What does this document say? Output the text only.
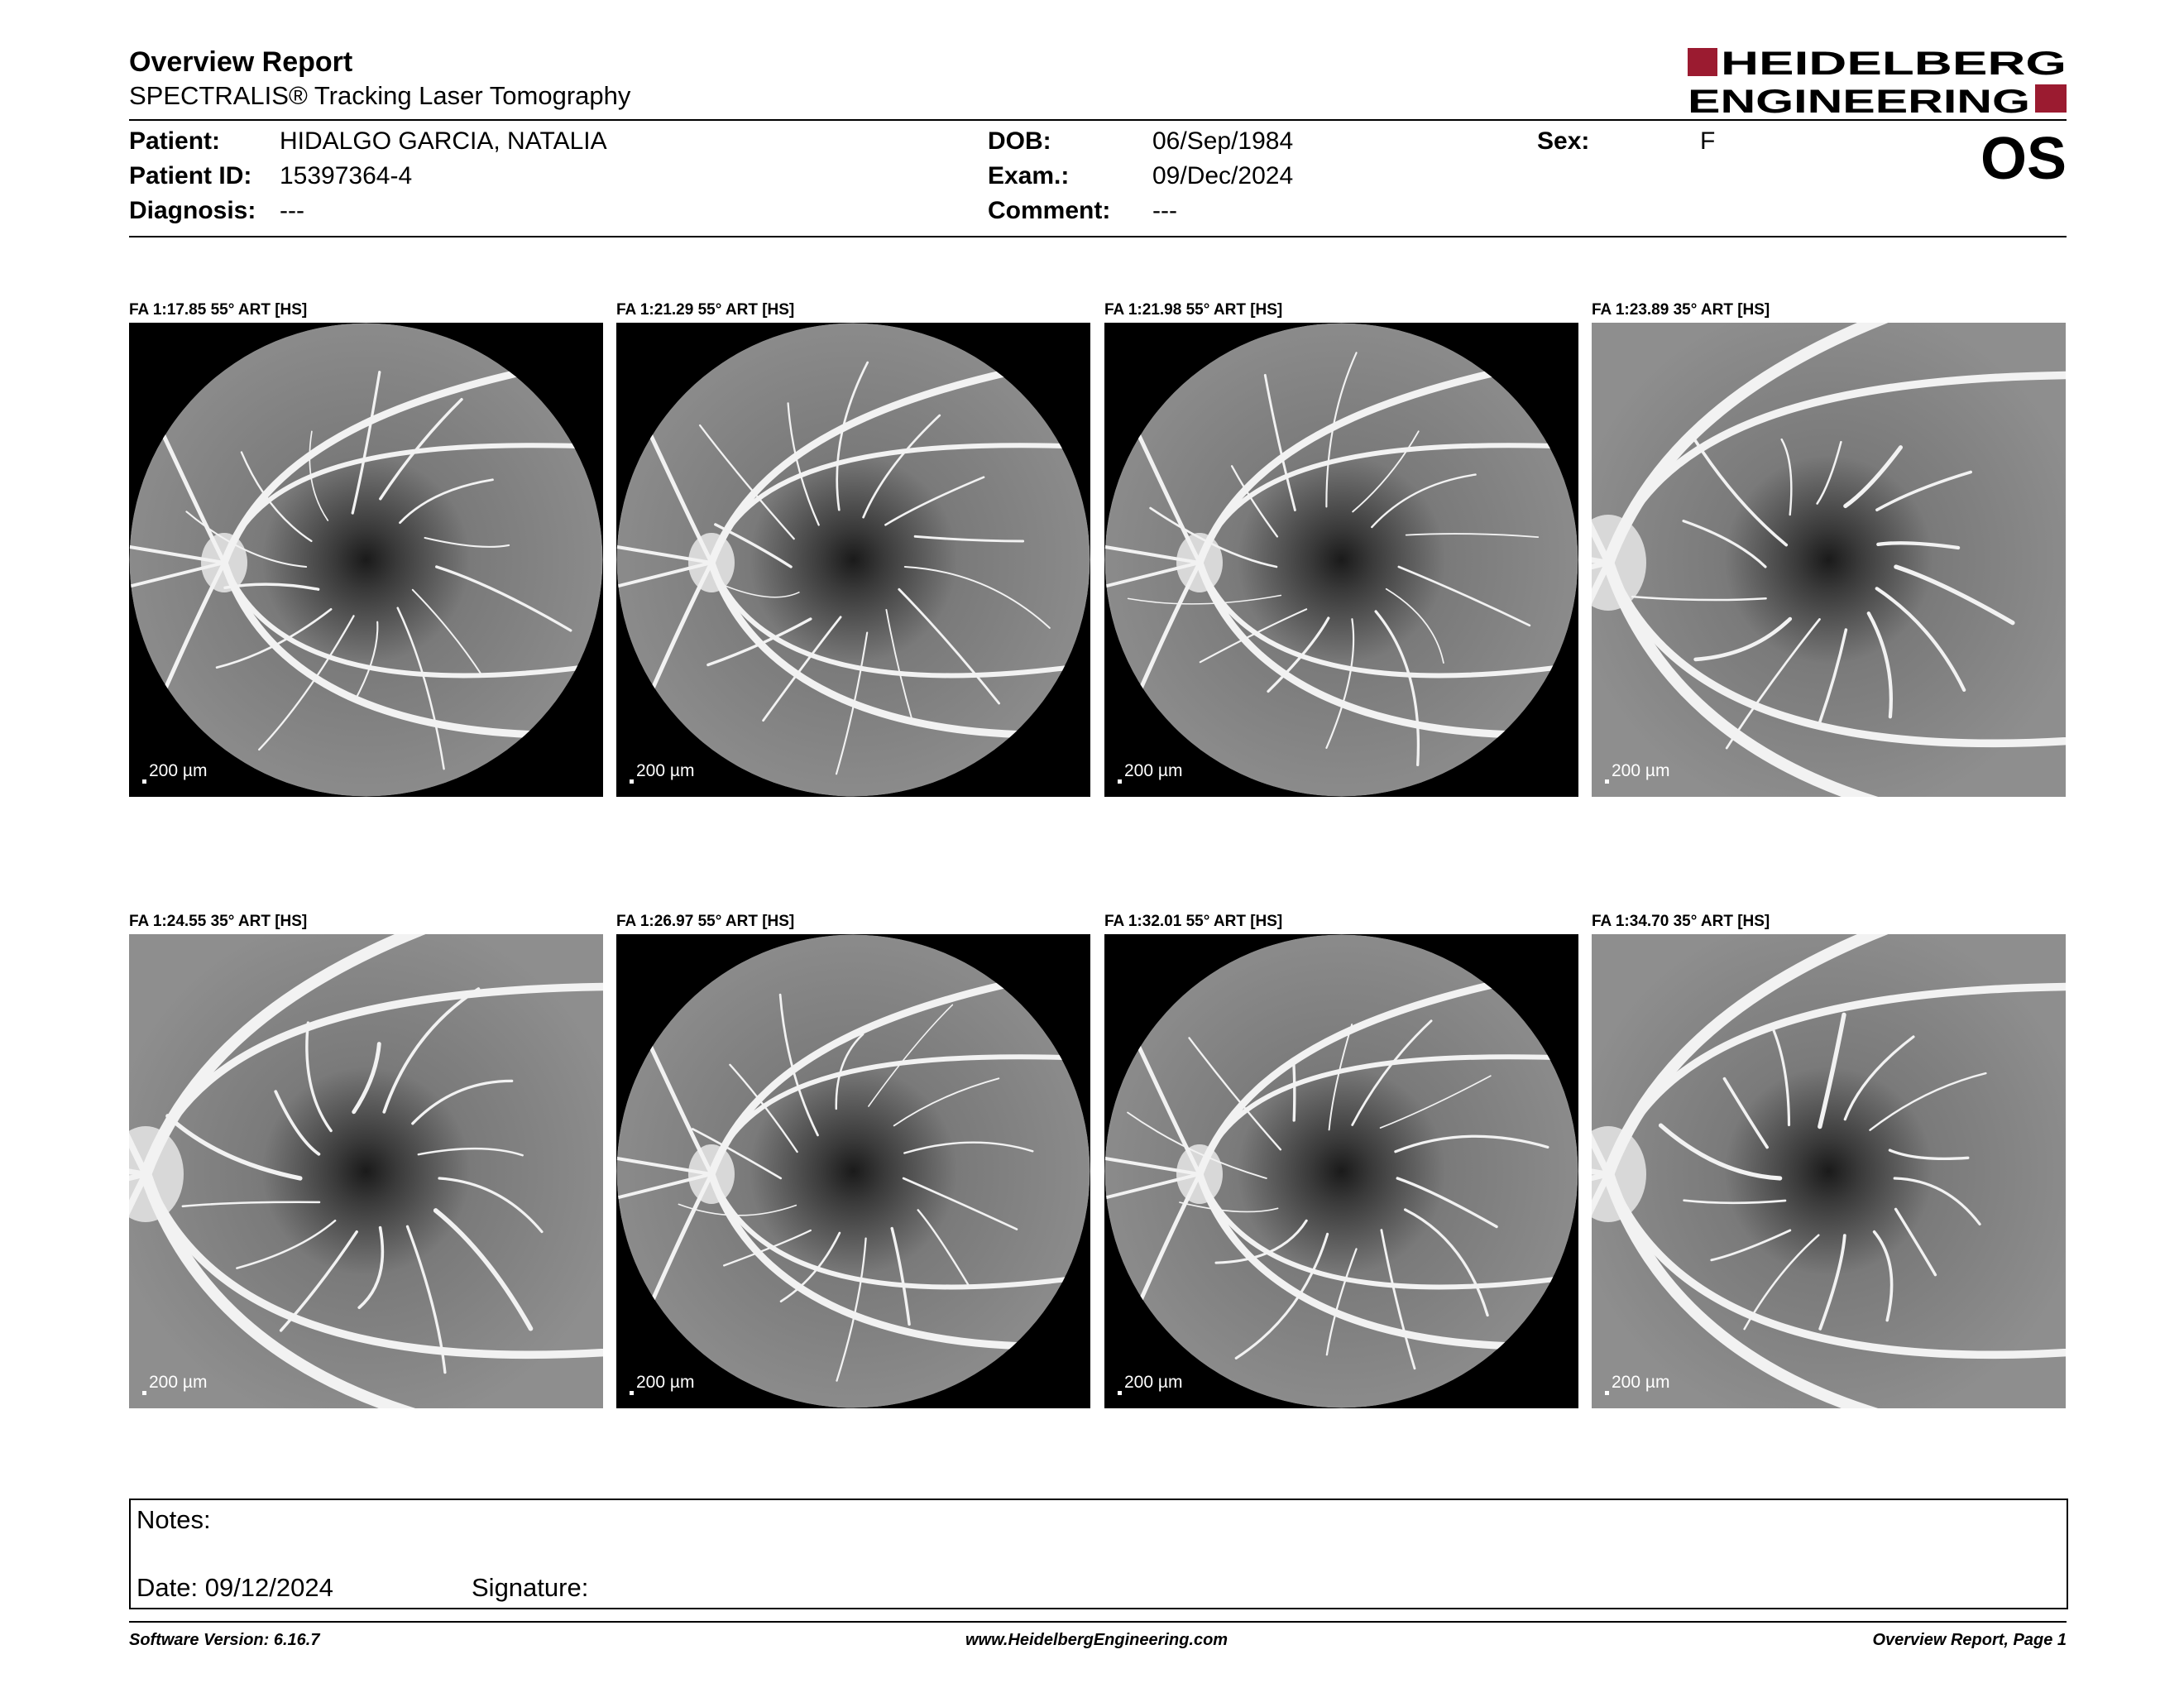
Overview Report
SPECTRALIS® Tracking Laser Tomography
HEIDELBERG
ENGINEERING
Patient: HIDALGO GARCIA, NATALIA
Patient ID: 15397364-4
Diagnosis: ---
DOB:	06/Sep/1984
Exam.:	09/Dec/2024
Comment: ---
Sex:	F	OS
FA 1:17.85 55° ART [HS]
200 µm
FA 1:21.29 55° ART [HS]
200 µm
FA 1:21.98 55° ART [HS]
200 µm
FA 1:23.89 35° ART [HS]
200 µm
FA 1:24.55 35° ART [HS]
200 µm
FA 1:26.97 55° ART [HS]
200 µm
FA 1:32.01 55° ART [HS]
200 µm
FA 1:34.70 35° ART [HS]
200 µm
Notes:
Date: 09/12/2024	Signature:
Software Version: 6.16.7	www.HeidelbergEngineering.com	Overview Report, Page 1
